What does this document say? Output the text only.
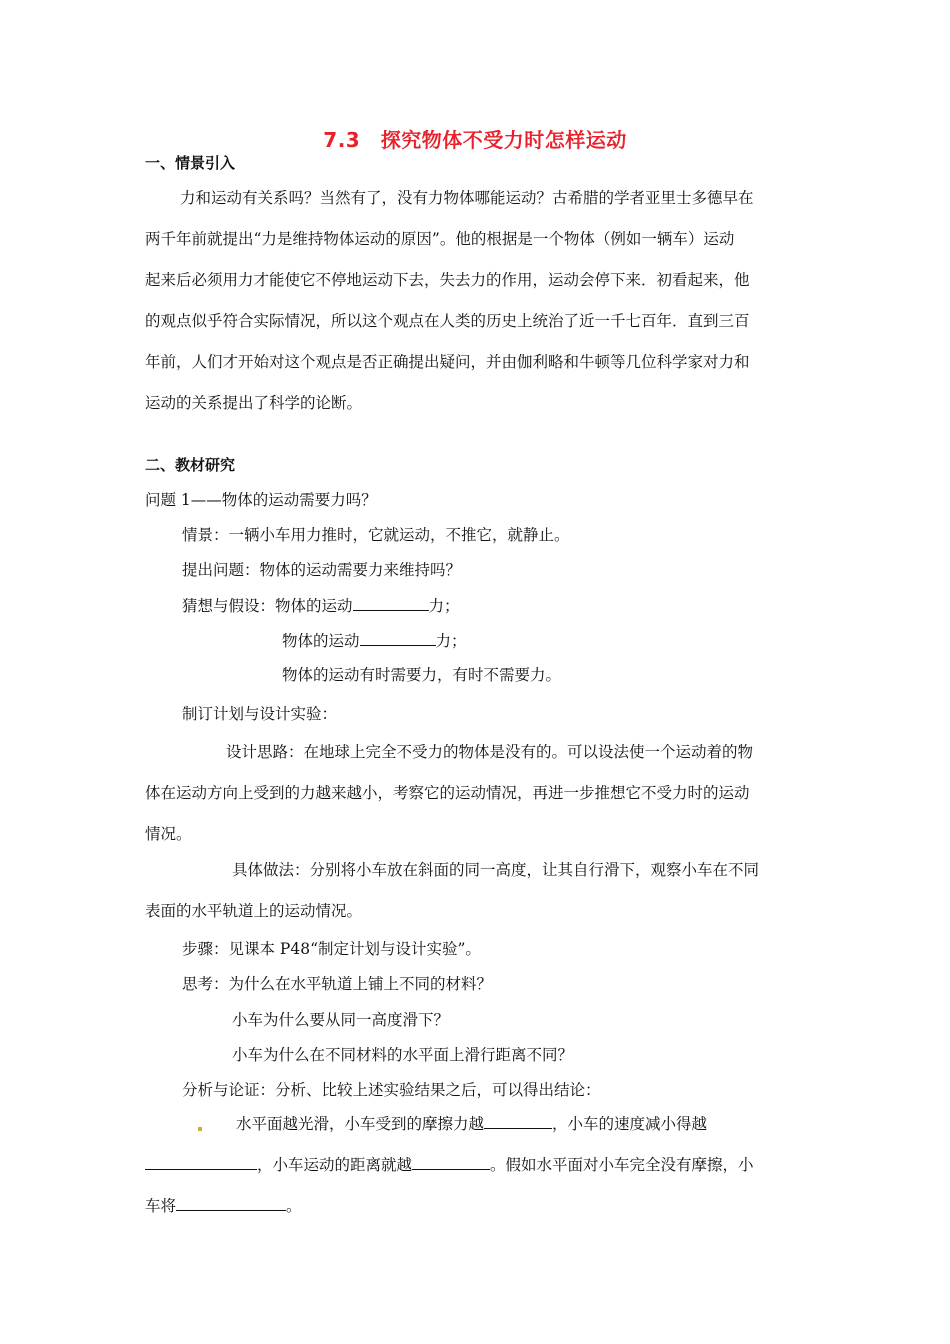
7.3　探究物体不受力时怎样运动
一、情景引入
力和运动有关系吗？当然有了，没有力物体哪能运动？古希腊的学者亚里士多德早在
两千年前就提出“力是维持物体运动的原因”。他的根据是一个物体（例如一辆车）运动
起来后必须用力才能使它不停地运动下去，失去力的作用，运动会停下来．初看起来，他
的观点似乎符合实际情况，所以这个观点在人类的历史上统治了近一千七百年．直到三百
年前，人们才开始对这个观点是否正确提出疑问，并由伽利略和牛顿等几位科学家对力和
运动的关系提出了科学的论断。
二、教材研究
问题 1——物体的运动需要力吗？
情景：一辆小车用力推时，它就运动，不推它，就静止。
提出问题：物体的运动需要力来维持吗？
猜想与假设：物体的运动	力；
物体的运动	力；
物体的运动有时需要力，有时不需要力。
制订计划与设计实验：
设计思路：在地球上完全不受力的物体是没有的。可以设法使一个运动着的物
体在运动方向上受到的力越来越小，考察它的运动情况，再进一步推想它不受力时的运动
情况。
具体做法：分别将小车放在斜面的同一高度，让其自行滑下，观察小车在不同
表面的水平轨道上的运动情况。
步骤：见课本 P48“制定计划与设计实验”。
思考：为什么在水平轨道上铺上不同的材料？
小车为什么要从同一高度滑下？
小车为什么在不同材料的水平面上滑行距离不同？
分析与论证：分析、比较上述实验结果之后，可以得出结论：
水平面越光滑，小车受到的摩擦力越	，小车的速度减小得越
，小车运动的距离就越	。假如水平面对小车完全没有摩擦，小
车将	。
